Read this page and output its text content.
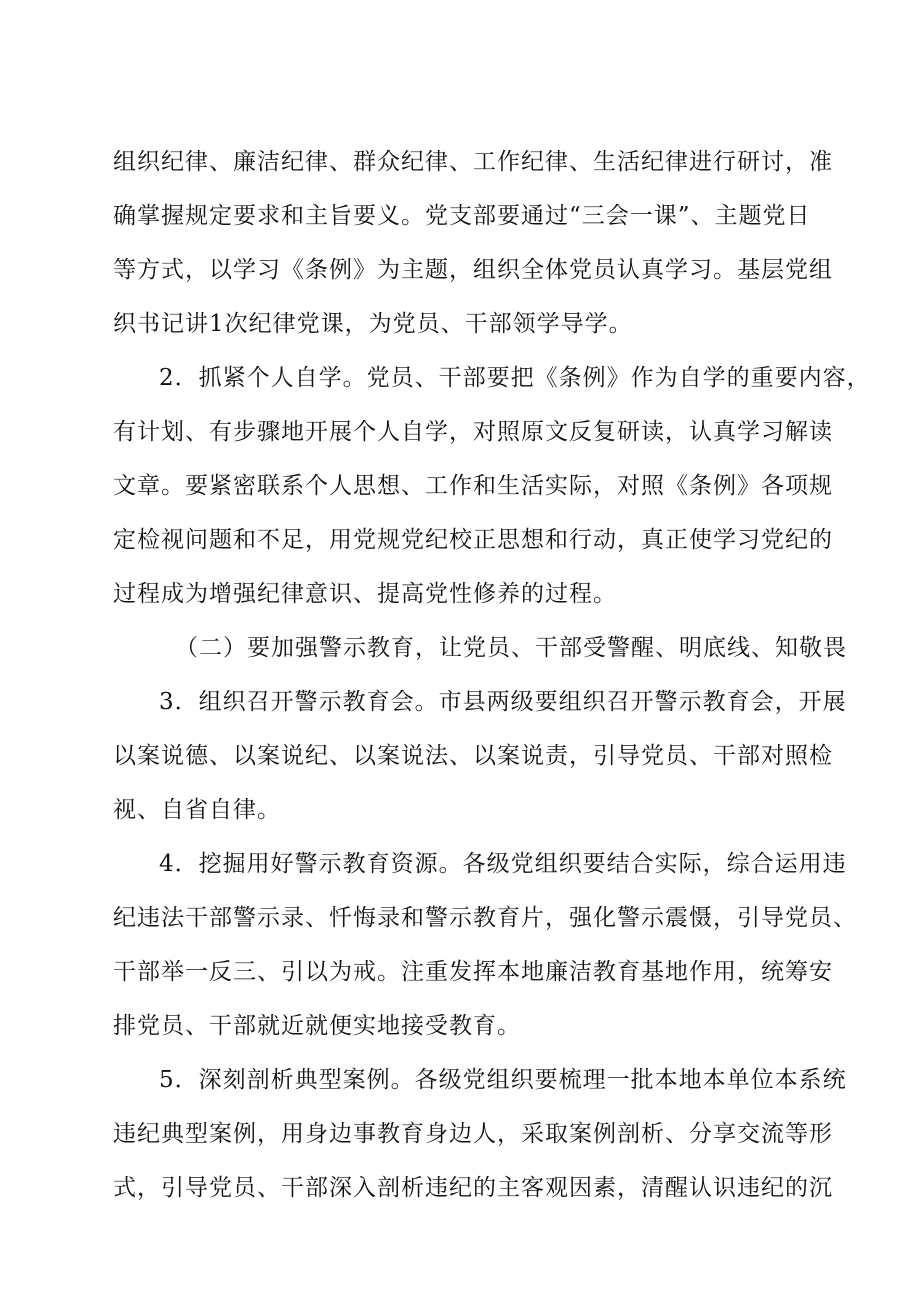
组织纪律、廉洁纪律、群众纪律、工作纪律、生活纪律进行研讨，准
确掌握规定要求和主旨要义。党支部要通过“三会一课”、主题党日
等方式，以学习《条例》为主题，组织全体党员认真学习。基层党组
织书记讲1次纪律党课，为党员、干部领学导学。
2．抓紧个人自学。党员、干部要把《条例》作为自学的重要内容，
有计划、有步骤地开展个人自学，对照原文反复研读，认真学习解读
文章。要紧密联系个人思想、工作和生活实际，对照《条例》各项规
定检视问题和不足，用党规党纪校正思想和行动，真正使学习党纪的
过程成为增强纪律意识、提高党性修养的过程。
（二）要加强警示教育，让党员、干部受警醒、明底线、知敬畏
3．组织召开警示教育会。市县两级要组织召开警示教育会，开展
以案说德、以案说纪、以案说法、以案说责，引导党员、干部对照检
视、自省自律。
4．挖掘用好警示教育资源。各级党组织要结合实际，综合运用违
纪违法干部警示录、忏悔录和警示教育片，强化警示震慑，引导党员、
干部举一反三、引以为戒。注重发挥本地廉洁教育基地作用，统筹安
排党员、干部就近就便实地接受教育。
5．深刻剖析典型案例。各级党组织要梳理一批本地本单位本系统
违纪典型案例，用身边事教育身边人，采取案例剖析、分享交流等形
式，引导党员、干部深入剖析违纪的主客观因素，清醒认识违纪的沉
